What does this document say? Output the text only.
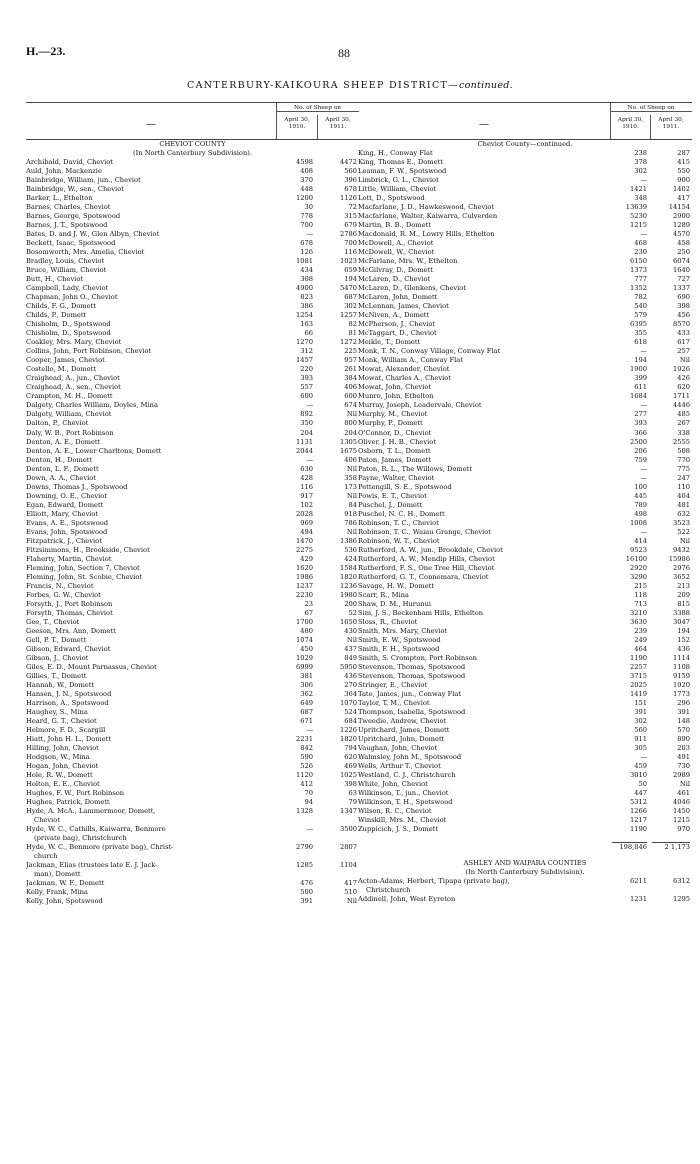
H.—23.	88
CANTERBURY-KAIKOURA SHEEP DISTRICT—continued.
—
No. of Sheep on
April 30, 1910.
April 30, 1911.
CHEVIOT COUNTY
(In North Canterbury Subdivision).
Archibald, David, Cheviot	4598	4472
Auld, John, Mackenzie	408	560
Bainbridge, William, jun., Cheviot	370	396
Bainbridge, W., sen., Cheviot	448	678
Barker, L., Ethelton	1200	1126
Barnes, Charles, Cheviot	30	72
Barnes, George, Spotswood	778	315
Barnes, J. T., Spotswood	700	679
Bates, D. and J. W., Glen Albyn, Cheviot	—	2786
Beckett, Isaac, Spotswood	678	700
Bosomworth, Mrs. Amelia, Cheviot	126	116
Bradley, Louis, Cheviot	1081	1023
Bruce, William, Cheviot	434	659
Butt, H., Cheviot	308	194
Campbell, Lady, Cheviot	4900	5470
Chapman, John O., Cheviot	823	687
Childs, F. G., Domett	386	302
Childs, P., Domett	1254	1257
Chisholm, D., Spotswood	163	82
Chisholm, D., Spotswood	66	81
Coakley, Mrs. Mary, Cheviot	1270	1272
Collins, John, Port Robinson, Cheviot	312	225
Cooper, James, Cheviot	1457	957
Costello, M., Domett	220	261
Craighead, A., jun., Cheviot	393	384
Craighead, A., sen., Cheviot	557	406
Crampton, M. H., Domett	600	600
Dalgety, Charles William, Doyles, Mina	—	674
Dalgety, William, Cheviot	892	Nil
Dalton, P., Cheviot	350	800
Daly, W. B., Port Robinson	204	204
Denton, A. E., Domett	1131	1305
Denton, A. E., Lower Charltons, Domett	2044	1675
Denton, H., Domett	—	406
Denton, L. F., Domett	630	Nil
Down, A. A., Cheviot	428	358
Downs, Thomas J., Spotswood	116	173
Downing, O. E., Cheviot	917	Nil
Egan, Edward, Domett	102	84
Elliott, Mary, Cheviot	2028	918
Evans, A. E., Spotswood	969	786
Evans, John, Spotswood	494	Nil
Fitzpatrick, J., Cheviot	1470	1386
Fitzsimmons, H., Brookside, Cheviot	2275	536
Flaherty, Martin, Cheviot	429	424
Fleming, John, Section 7, Cheviot	1620	1584
Fleming, John, St. Scobie, Cheviot	1986	1820
Francis, N., Cheviot	1237	1236
Forbes, G. W., Cheviot	2230	1980
Forsyth, J., Port Robinson	23	200
Forsyth, Thomas, Cheviot	67	52
Gee, T., Cheviot	1700	1650
Geeson, Mrs. Ann, Domett	480	430
Gell, P. T., Domett	1074	Nil
Gibson, Edward, Cheviot	450	437
Gibson, J., Cheviot	1029	849
Giles, E. D., Mount Parnassus, Cheviot	6999	5950
Gillies, T., Domett	381	436
Hannah, W., Domett	306	270
Hansen, J. N., Spotswood	362	364
Harrison, A., Spotswood	649	1070
Haughey, S., Mina	687	524
Heard, G. T., Cheviot	671	684
Helmore, F. D., Scargill	—	1226
Hiatt, John H. L., Domett	2231	1820
Hilling, John, Cheviot	842	794
Hodgson, W., Mina	590	620
Hogan, John, Cheviot	526	469
Hole, R. W., Domett	1120	1025
Holton, E. E., Cheviot	412	398
Hughes, F. W., Port Robinson	70	63
Hughes, Patrick, Domett	94	79
Hyde, A. McA., Lammermoor, Domett,	1328	1347
Cheviot
Hyde, W. C., Cathills, Kaiwarra, Benmore	—	3500
(private bag), Christchurch
Hyde, W. C., Benmore (private bag), Christ-	2790	2807
church
Jackman, Elias (trustees late E. J. Jack-	1285	1104
man), Domett
Jackman, W. F., Domett	476	417
Kelly, Frank, Mina	500	510
Kelly, John, Spotswood	391	Nil
—
No. of Sheep on
April 30, 1910.
April 30, 1911.
Cheviot County—continued.
King, H., Conway Flat	238	287
King, Thomas E., Domett	378	415
Leaman, F. W., Spotswood	302	550
Limbrick, G. L., Cheviot	—	900
Little, William, Cheviot	1421	1402
Lott, D., Spotswood	348	417
Macfarlane, J. D., Hawkeswood, Cheviot	13639	14154
Macfarlane, Walter, Kaiwarra, Culverden	5230	2900
Martin, B. B., Domett	1215	1289
Macdonald, R. M., Lowry Hills, Ethelton	—	4570
McDowell, A., Cheviot	468	458
McDowell, W., Cheviot	230	250
McFarlane, Mrs. W., Ethelton	6150	6074
McGilvray, D., Domett	1373	1640
McLaren, D., Cheviot	777	727
McLaren, D., Glenkens, Cheviot	1352	1337
McLaren, John, Domett	782	690
McLennan, James, Cheviot	540	398
McNiven, A., Domett	579	456
McPherson, J., Cheviot	6395	8570
McTaggart, D., Cheviot	355	433
Meikle, T., Domett	618	617
Monk, T. N., Conway Village, Conway Flat	—	257
Monk, William A., Conway Flat	194	Nil
Mowat, Alexander, Cheviot	1900	1926
Mowat, Charles A., Cheviot	399	426
Mowat, John, Cheviot	611	620
Munro, John, Ethelton	1684	1711
Murray, Joseph, Leadervale, Cheviot	—	4446
Murphy, M., Cheviot	277	485
Murphy, P., Domett	393	267
O'Connor, D., Cheviot	366	338
Oliver, J. H. B., Cheviot	2500	2555
Osborn, T. L., Domett	206	508
Paton, James, Domett	759	770
Paton, R. L., The Willows, Domett	—	775
Payne, Walter, Cheviot	—	247
Pettengill, S. E., Spotswood	100	110
Powis, E. T., Cheviot	445	404
Puschel, J., Domett	789	481
Puschel, N. C. H., Domett	498	632
Robinson, T. C., Cheviot	1008	3523
Robinson, T. C., Waiau Grange, Cheviot	—	522
Robinson, W. T., Cheviot	414	Nil
Rutherford, A. W., jun., Brookdale, Cheviot	9523	9432
Rutherford, A. W., Mendip Hills, Cheviot	16100	15986
Rutherford, F. S., One Tree Hill, Cheviot	2920	2976
Rutherford, G. T., Connemara, Cheviot	3290	3652
Savage, H. W., Domett	215	213
Scarr, R., Mina	118	209
Shaw, D. M., Hurunui	713	815
Sim, J. S., Beckenham Hills, Ethelton	3210	3388
Sloss, R., Cheviot	3630	3047
Smith, Mrs. Mary, Cheviot	239	194
Smith, E. W., Spotswood	249	152
Smith, F. H., Spotswood	464	436
Smith, S. Crompton, Port Robinson	1190	1114
Stevenson, Thomas, Spotswood	2257	1108
Stevenson, Thomas, Spotswood	3715	9159
Stringer, E., Cheviot	2025	1920
Tate, James, jun., Conway Flat	1419	1773
Taylor, T. M., Cheviot	151	296
Thompson, Isabella, Spotswood	391	391
Tweedie, Andrew, Cheviot	302	148
Upritchard, James, Domett	560	570
Upritchard, John, Domett	911	890
Vaughan, John, Cheviot	305	203
Walmsley, John M., Spotswood	—	491
Wells, Arthur T., Cheviot	459	730
Westland, C. J., Christchurch	3010	2989
White, John, Cheviot	50	Nil
Wilkinson, T., jun., Cheviot	447	461
Wilkinson, T. H., Spotswood	5312	4046
Wilson, R. C., Cheviot	1266	1450
Winskill, Mrs. M., Cheviot	1217	1215
Zuppicich, J. S., Domett	1190	970
198,846	2 1,173
ASHLEY AND WAIPARA COUNTIES
(In North Canterbury Subdivision).
Acton-Adams, Herbert, Tipapa (private bag),	6211	6312
Christchurch
Addinell, John, West Eyreton	1231	1295
